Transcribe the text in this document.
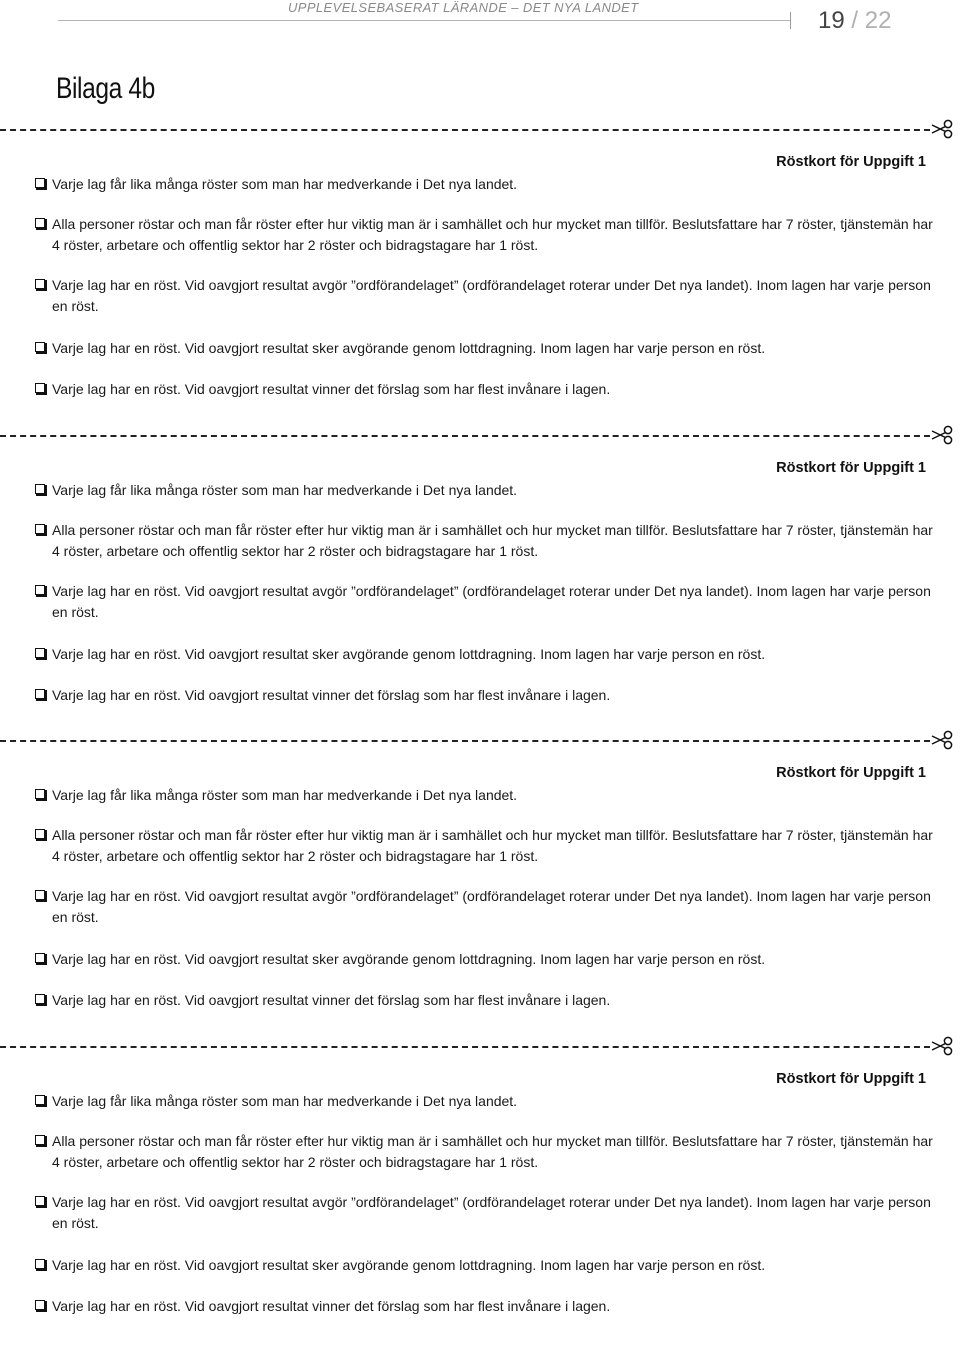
UPPLEVELSEBASERAT LÄRANDE – DET NYA LANDET	19 / 22
Bilaga 4b
Röstkort för Uppgift 1
Varje lag får lika många röster som man har medverkande i Det nya landet.
Alla personer röstar och man får röster efter hur viktig man är i samhället och hur mycket man tillför. Beslutsfattare har 7 röster, tjänstemän har 4 röster, arbetare och offentlig sektor har 2 röster och bidragstagare har 1 röst.
Varje lag har en röst. Vid oavgjort resultat avgör ”ordförandelaget” (ordförandelaget roterar under Det nya landet). Inom lagen har varje person en röst.
Varje lag har en röst. Vid oavgjort resultat sker avgörande genom lottdragning. Inom lagen har varje person en röst.
Varje lag har en röst. Vid oavgjort resultat vinner det förslag som har flest invånare i lagen.
Röstkort för Uppgift 1
Varje lag får lika många röster som man har medverkande i Det nya landet.
Alla personer röstar och man får röster efter hur viktig man är i samhället och hur mycket man tillför. Beslutsfattare har 7 röster, tjänstemän har 4 röster, arbetare och offentlig sektor har 2 röster och bidragstagare har 1 röst.
Varje lag har en röst. Vid oavgjort resultat avgör ”ordförandelaget” (ordförandelaget roterar under Det nya landet). Inom lagen har varje person en röst.
Varje lag har en röst. Vid oavgjort resultat sker avgörande genom lottdragning. Inom lagen har varje person en röst.
Varje lag har en röst. Vid oavgjort resultat vinner det förslag som har flest invånare i lagen.
Röstkort för Uppgift 1
Varje lag får lika många röster som man har medverkande i Det nya landet.
Alla personer röstar och man får röster efter hur viktig man är i samhället och hur mycket man tillför. Beslutsfattare har 7 röster, tjänstemän har 4 röster, arbetare och offentlig sektor har 2 röster och bidragstagare har 1 röst.
Varje lag har en röst. Vid oavgjort resultat avgör ”ordförandelaget” (ordförandelaget roterar under Det nya landet). Inom lagen har varje person en röst.
Varje lag har en röst. Vid oavgjort resultat sker avgörande genom lottdragning. Inom lagen har varje person en röst.
Varje lag har en röst. Vid oavgjort resultat vinner det förslag som har flest invånare i lagen.
Röstkort för Uppgift 1
Varje lag får lika många röster som man har medverkande i Det nya landet.
Alla personer röstar och man får röster efter hur viktig man är i samhället och hur mycket man tillför. Beslutsfattare har 7 röster, tjänstemän har 4 röster, arbetare och offentlig sektor har 2 röster och bidragstagare har 1 röst.
Varje lag har en röst. Vid oavgjort resultat avgör ”ordförandelaget” (ordförandelaget roterar under Det nya landet). Inom lagen har varje person en röst.
Varje lag har en röst. Vid oavgjort resultat sker avgörande genom lottdragning. Inom lagen har varje person en röst.
Varje lag har en röst. Vid oavgjort resultat vinner det förslag som har flest invånare i lagen.
